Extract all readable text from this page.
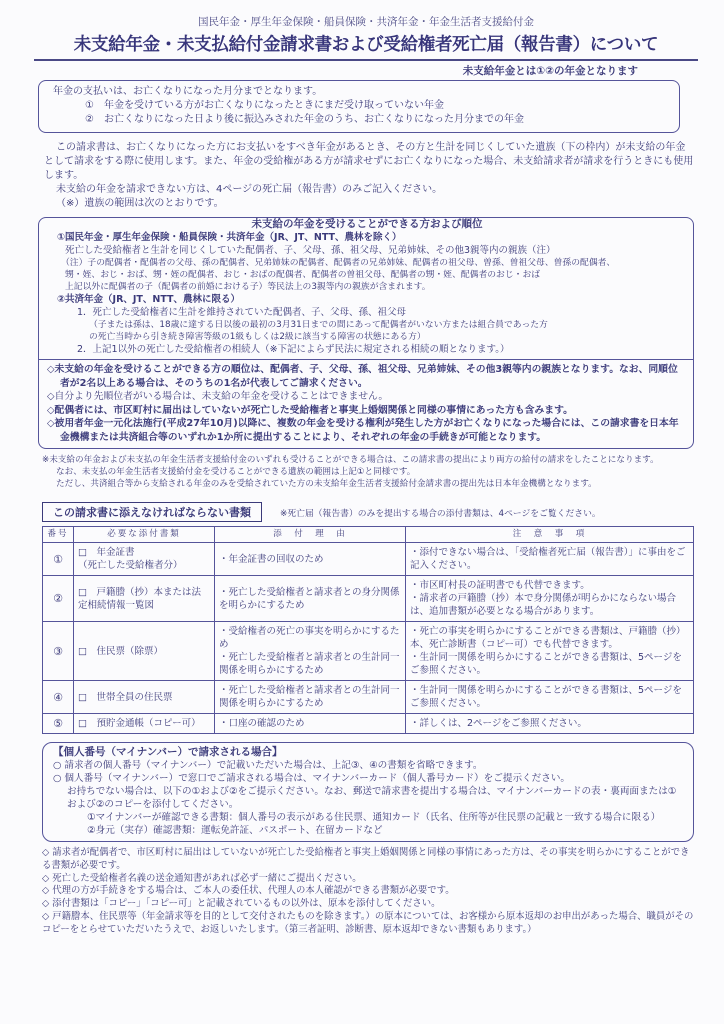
国民年金・厚生年金保険・船員保険・共済年金・年金生活者支援給付金
未支給年金・未支払給付金請求書および受給権者死亡届（報告書）について
未支給年金とは①②の年金となります
年金の支払いは、お亡くなりになった月分までとなります。
①　年金を受けている方がお亡くなりになったときにまだ受け取っていない年金
②　お亡くなりになった日より後に振込みされた年金のうち、お亡くなりになった月分までの年金
この請求書は、お亡くなりになった方にお支払いをすべき年金があるとき、その方と生計を同じくしていた遺族（下の枠内）が未支給の年金として請求をする際に使用します。また、年金の受給権がある方が請求せずにお亡くなりになった場合、未支給請求者が請求を行うときにも使用します。
未支給の年金を請求できない方は、4ページの死亡届（報告書）のみご記入ください。
（※）遺族の範囲は次のとおりです。
未支給の年金を受けることができる方および順位
①国民年金・厚生年金保険・船員保険・共済年金（JR、JT、NTT、農林を除く）
死亡した受給権者と生計を同じくしていた配偶者、子、父母、孫、祖父母、兄弟姉妹、その他3親等内の親族（注）
（注）子の配偶者・配偶者の父母、孫の配偶者、兄弟姉妹の配偶者、配偶者の兄弟姉妹、配偶者の祖父母、曽孫、曽祖父母、曽孫の配偶者、
甥・姪、おじ・おば、甥・姪の配偶者、おじ・おばの配偶者、配偶者の曽祖父母、配偶者の甥・姪、配偶者のおじ・おば
上記以外に配偶者の子（配偶者の前婚における子）等民法上の3親等内の親族が含まれます。
②共済年金（JR、JT、NTT、農林に限る）
1．死亡した受給権者に生計を維持されていた配偶者、子、父母、孫、祖父母
（子または孫は、18歳に達する日以後の最初の3月31日までの間にあって配偶者がいない方または組合員であった方
の死亡当時から引き続き障害等級の1級もしくは2級に該当する障害の状態にある方）
2．上記1以外の死亡した受給権者の相続人（※下記によらず民法に規定される相続の順となります。）
◇未支給の年金を受けることができる方の順位は、配偶者、子、父母、孫、祖父母、兄弟姉妹、その他3親等内の親族となります。なお、同順位者が2名以上ある場合は、そのうちの1名が代表してご請求ください。
◇自分より先順位者がいる場合は、未支給の年金を受けることはできません。
◇配偶者には、市区町村に届出はしていないが死亡した受給権者と事実上婚姻関係と同様の事情にあった方も含みます。
◇被用者年金一元化法施行(平成27年10月)以降に、複数の年金を受ける権利が発生した方がお亡くなりになった場合には、この請求書を日本年金機構または共済組合等のいずれか1か所に提出することにより、それぞれの年金の手続きが可能となります。
※未支給の年金および未支払の年金生活者支援給付金のいずれも受けることができる場合は、この請求書の提出により両方の給付の請求をしたことになります。
なお、未支払の年金生活者支援給付金を受けることができる遺族の範囲は上記①と同様です。
ただし、共済組合等から支給される年金のみを受給されていた方の未支給年金生活者支援給付金請求書の提出先は日本年金機構となります。
この請求書に添えなければならない書類	※死亡届（報告書）のみを提出する場合の添付書類は、4ページをご覧ください。
番号	必要な添付書類	添　付　理　由	注　意　事　項
①	□　年金証書
（死亡した受給権者分）	・年金証書の回収のため	・添付できない場合は、「受給権者死亡届（報告書）」に事由をご記入ください。
②	□　戸籍謄（抄）本または法定相続情報一覧図	・死亡した受給権者と請求者との身分関係を明らかにするため	・市区町村長の証明書でも代替できます。
・請求者の戸籍謄（抄）本で身分関係が明らかにならない場合は、追加書類が必要となる場合があります。
③	□　住民票（除票）	・受給権者の死亡の事実を明らかにするため
・死亡した受給権者と請求者との生計同一関係を明らかにするため	・死亡の事実を明らかにすることができる書類は、戸籍謄（抄）本、死亡診断書（コピー可）でも代替できます。
・生計同一関係を明らかにすることができる書類は、5ページをご参照ください。
④	□　世帯全員の住民票	・死亡した受給権者と請求者との生計同一関係を明らかにするため	・生計同一関係を明らかにすることができる書類は、5ページをご参照ください。
⑤	□　預貯金通帳（コピー可）	・口座の確認のため	・詳しくは、2ページをご参照ください。
【個人番号（マイナンバー）で請求される場合】
○ 請求者の個人番号（マイナンバー）で記載いただいた場合は、上記③、④の書類を省略できます。
○ 個人番号（マイナンバー）で窓口でご請求される場合は、マイナンバーカード（個人番号カード）をご提示ください。
お持ちでない場合は、以下の①および②をご提示ください。なお、郵送で請求書を提出する場合は、マイナンバーカードの表・裏両面または①および②のコピーを添付してください。
①マイナンバーが確認できる書類：個人番号の表示がある住民票、通知カード（氏名、住所等が住民票の記載と一致する場合に限る）
②身元（実存）確認書類：運転免許証、パスポート、在留カードなど
◇ 請求者が配偶者で、市区町村に届出はしていないが死亡した受給権者と事実上婚姻関係と同様の事情にあった方は、その事実を明らかにすることができる書類が必要です。
◇ 死亡した受給権者名義の送金通知書があれば必ず一緒にご提出ください。
◇ 代理の方が手続きをする場合は、ご本人の委任状、代理人の本人確認ができる書類が必要です。
◇ 添付書類は「コピー」「コピー可」と記載されているもの以外は、原本を添付してください。
◇ 戸籍謄本、住民票等（年金請求等を目的として交付されたものを除きます。）の原本については、お客様から原本返却のお申出があった場合、職員がそのコピーをとらせていただいたうえで、お返しいたします。（第三者証明、診断書、原本返却できない書類もあります。）
